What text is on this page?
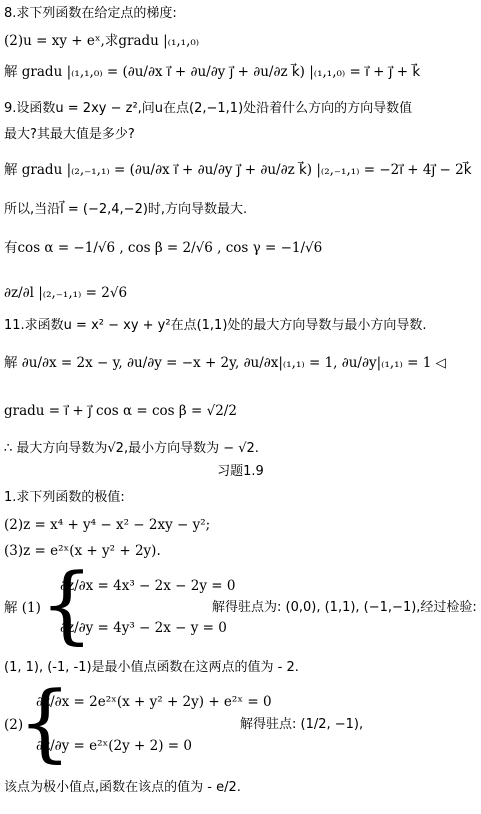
8.求下列函数在给定点的梯度:
(2)u = xy + eˣ,求gradu |₍₁,₁,₀₎
解 gradu |₍₁,₁,₀₎ = (∂u/∂x i⃗ + ∂u/∂y j⃗ + ∂u/∂z k⃗) |₍₁,₁,₀₎ = i⃗ + j⃗ + k⃗
9.设函数u = 2xy − z²,问u在点(2,−1,1)处沿着什么方向的方向导数值
最大?其最大值是多少?
解 gradu |₍₂,₋₁,₁₎ = (∂u/∂x i⃗ + ∂u/∂y j⃗ + ∂u/∂z k⃗) |₍₂,₋₁,₁₎ = −2i⃗ + 4j⃗ − 2k⃗
所以,当沿l⃗ = (−2,4,−2)时,方向导数最大.
有cos α = −1/√6 , cos β = 2/√6 , cos γ = −1/√6
∂z/∂l |₍₂,₋₁,₁₎ = 2√6
11.求函数u = x² − xy + y²在点(1,1)处的最大方向导数与最小方向导数.
解 ∂u/∂x = 2x − y, ∂u/∂y = −x + 2y, ∂u/∂x|₍₁,₁₎ = 1, ∂u/∂y|₍₁,₁₎ = 1 ◁
gradu = i⃗ + j⃗ cos α = cos β = √2/2
∴ 最大方向导数为√2,最小方向导数为 − √2.
习题1.9
1.求下列函数的极值:
(2)z = x⁴ + y⁴ − x² − 2xy − y²;
(3)z = e²ˣ(x + y² + 2y).
解 (1) {
∂z/∂x = 4x³ − 2x − 2y = 0
∂z/∂y = 4y³ − 2x − y = 0
解得驻点为: (0,0), (1,1), (−1,−1),经过检验:
(1, 1), (-1, -1)是最小值点函数在这两点的值为 - 2.
(2)
{
∂z/∂x = 2e²ˣ(x + y² + 2y) + e²ˣ = 0
∂z/∂y = e²ˣ(2y + 2) = 0
解得驻点: (1/2, −1),
该点为极小值点,函数在该点的值为 - e/2.
